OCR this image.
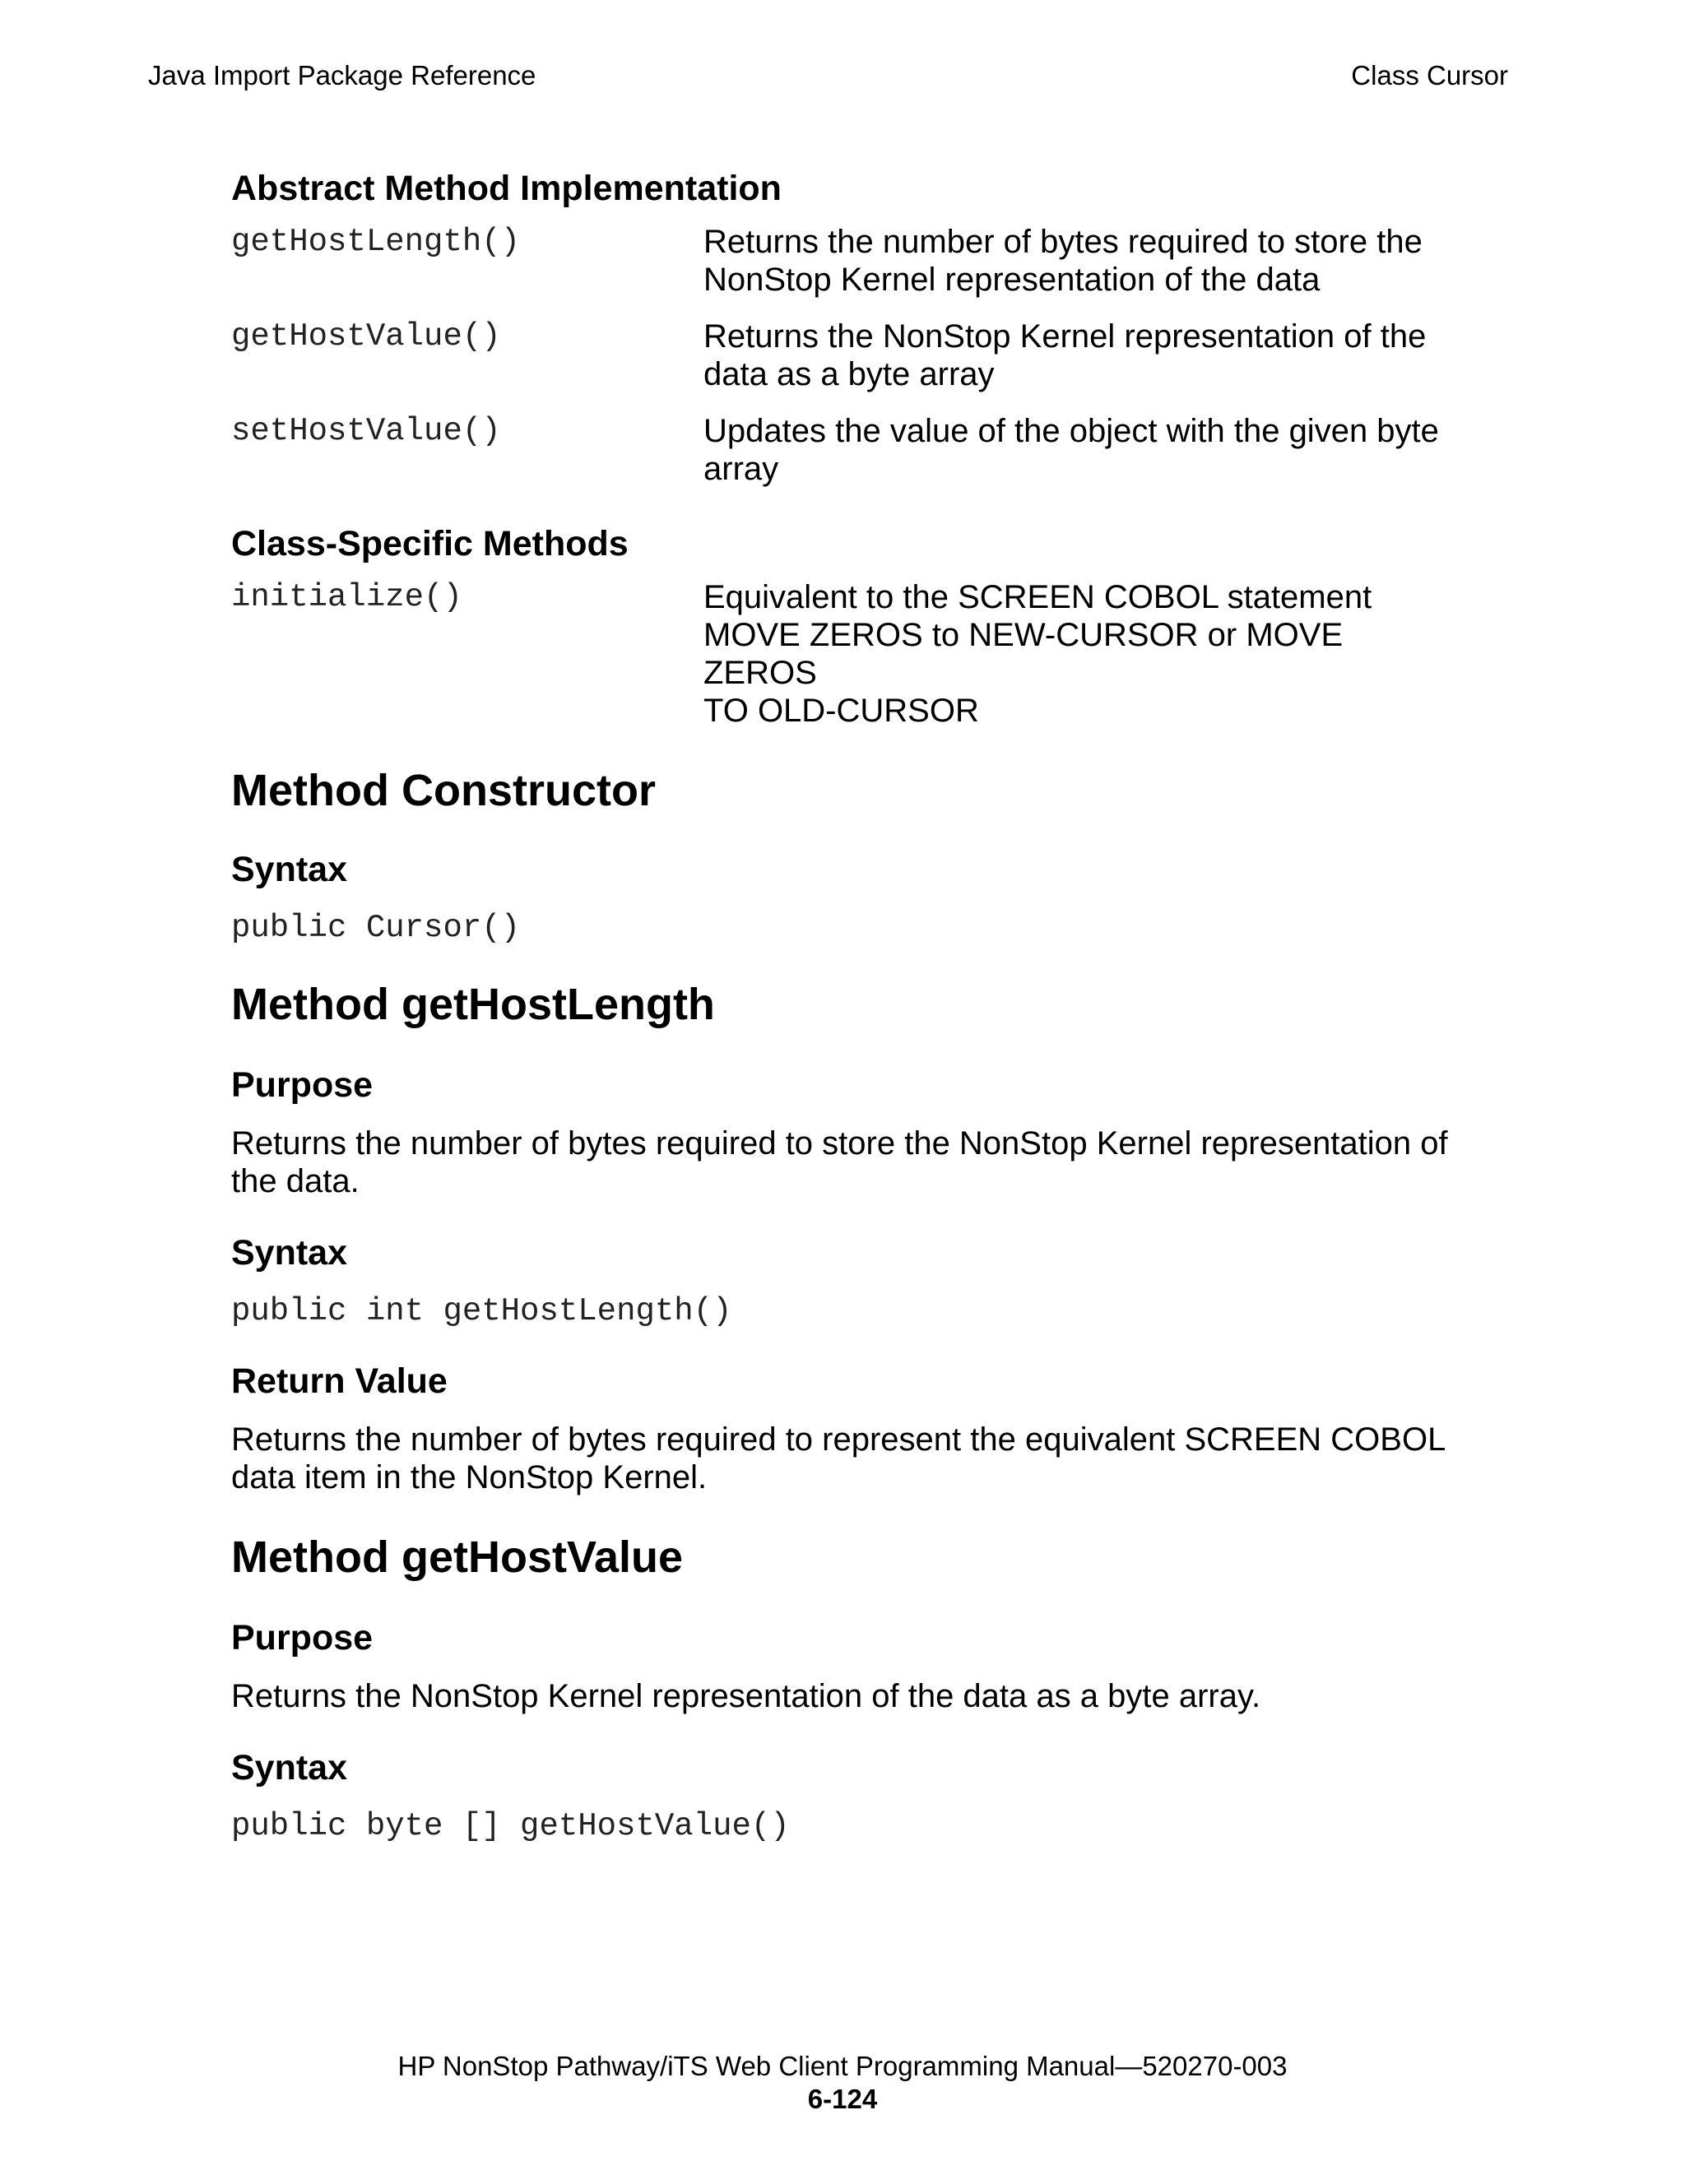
Java Import Package Reference	Class Cursor
Abstract Method Implementation
getHostLength()	Returns the number of bytes required to store the
NonStop Kernel representation of the data
getHostValue()	Returns the NonStop Kernel representation of the
data as a byte array
setHostValue()	Updates the value of the object with the given byte
array
Class-Specific Methods
initialize()	Equivalent to the SCREEN COBOL statement
MOVE ZEROS to NEW-CURSOR or MOVE ZEROS
TO OLD-CURSOR
Method Constructor
Syntax
public Cursor()
Method getHostLength
Purpose

Returns the number of bytes required to store the NonStop Kernel representation of
the data.

Syntax
public int getHostLength()
Return Value

Returns the number of bytes required to represent the equivalent SCREEN COBOL
data item in the NonStop Kernel.

Method getHostValue
Purpose

Returns the NonStop Kernel representation of the data as a byte array.

Syntax
public byte [] getHostValue()
HP NonStop Pathway/iTS Web Client Programming Manual—520270-003
6-124
